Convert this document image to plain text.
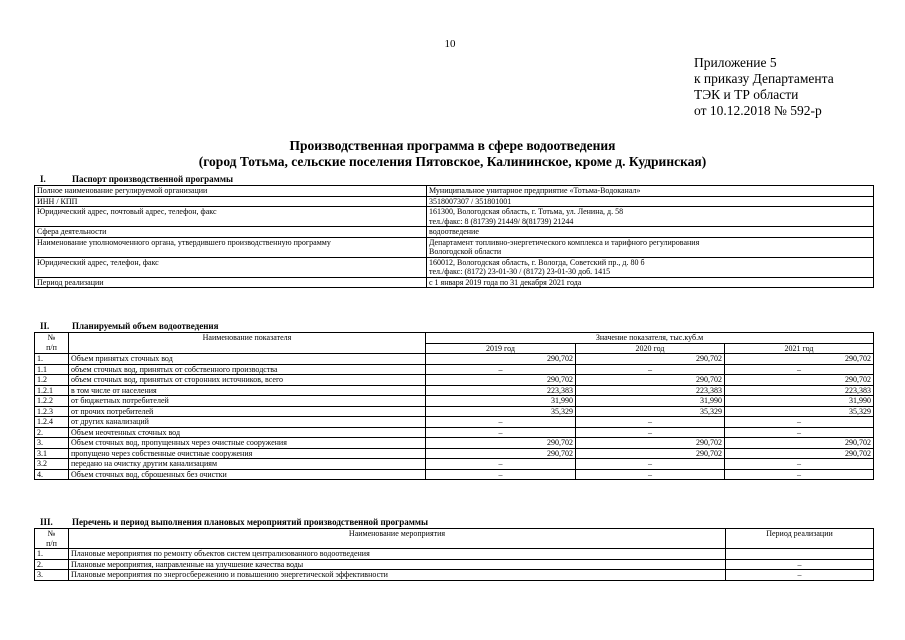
10
Приложение 5
к приказу Департамента
ТЭК и ТР области
от 10.12.2018 № 592-р
Производственная программа в сфере водоотведения
(город Тотьма, сельские поселения Пятовское, Калининское, кроме д. Кудринская)
I.	Паспорт производственной программы
Полное наименование регулируемой организации	Муниципальное унитарное предприятие «Тотьма-Водоканал»
ИНН / КПП	3518007307 / 351801001
Юридический адрес, почтовый адрес, телефон, факс	161300, Вологодская область, г. Тотьма, ул. Ленина, д. 58
тел./факс: 8 (81739) 21449/ 8(81739) 21244

Сфера деятельности	водоотведение
Наименование уполномоченного органа, утвердившего производственную программу	Департамент топливно-энергетического комплекса и тарифного регулирования
Вологодской области

Юридический адрес, телефон, факс	160012, Вологодская область, г. Вологда, Советский пр., д. 80 б
тел./факс: (8172) 23-01-30 / (8172) 23-01-30 доб. 1415

Период реализации	с 1 января 2019 года по 31 декабря 2021 года
II.	Планируемый объем водоотведения
№
п/п	Наименование показателя	Значение показателя, тыс.куб.м		
		2019 год	2020 год	2021 год
1.	Объем принятых сточных вод	290,702	290,702	290,702
1.1	объем сточных вод, принятых от собственного производства	–	–	–
1.2	объем сточных вод, принятых от сторонних источников, всего	290,702	290,702	290,702
1.2.1	в том числе от населения	223,383	223,383	223,383
1.2.2	от бюджетных потребителей	31,990	31,990	31,990
1.2.3	от прочих потребителей	35,329	35,329	35,329
1.2.4	от других канализаций	–	–	–
2.	Объем неочтенных сточных вод	–	–	–
3.	Объем сточных вод, пропущенных через очистные сооружения	290,702	290,702	290,702
3.1	пропущено через собственные очистные сооружения	290,702	290,702	290,702
3.2	передано на очистку другим канализациям	–	–	–
4.	Объем сточных вод, сброшенных без очистки	–	–	–
III. Перечень и период выполнения плановых мероприятий производственной программы
№
п/п	Наименование мероприятия	Период реализации
1.	Плановые мероприятия по ремонту объектов систем централизованного водоотведения	
2.	Плановые мероприятия, направленные на улучшение качества воды	–
3.	Плановые мероприятия по энергосбережению и повышению энергетической эффективности	–
